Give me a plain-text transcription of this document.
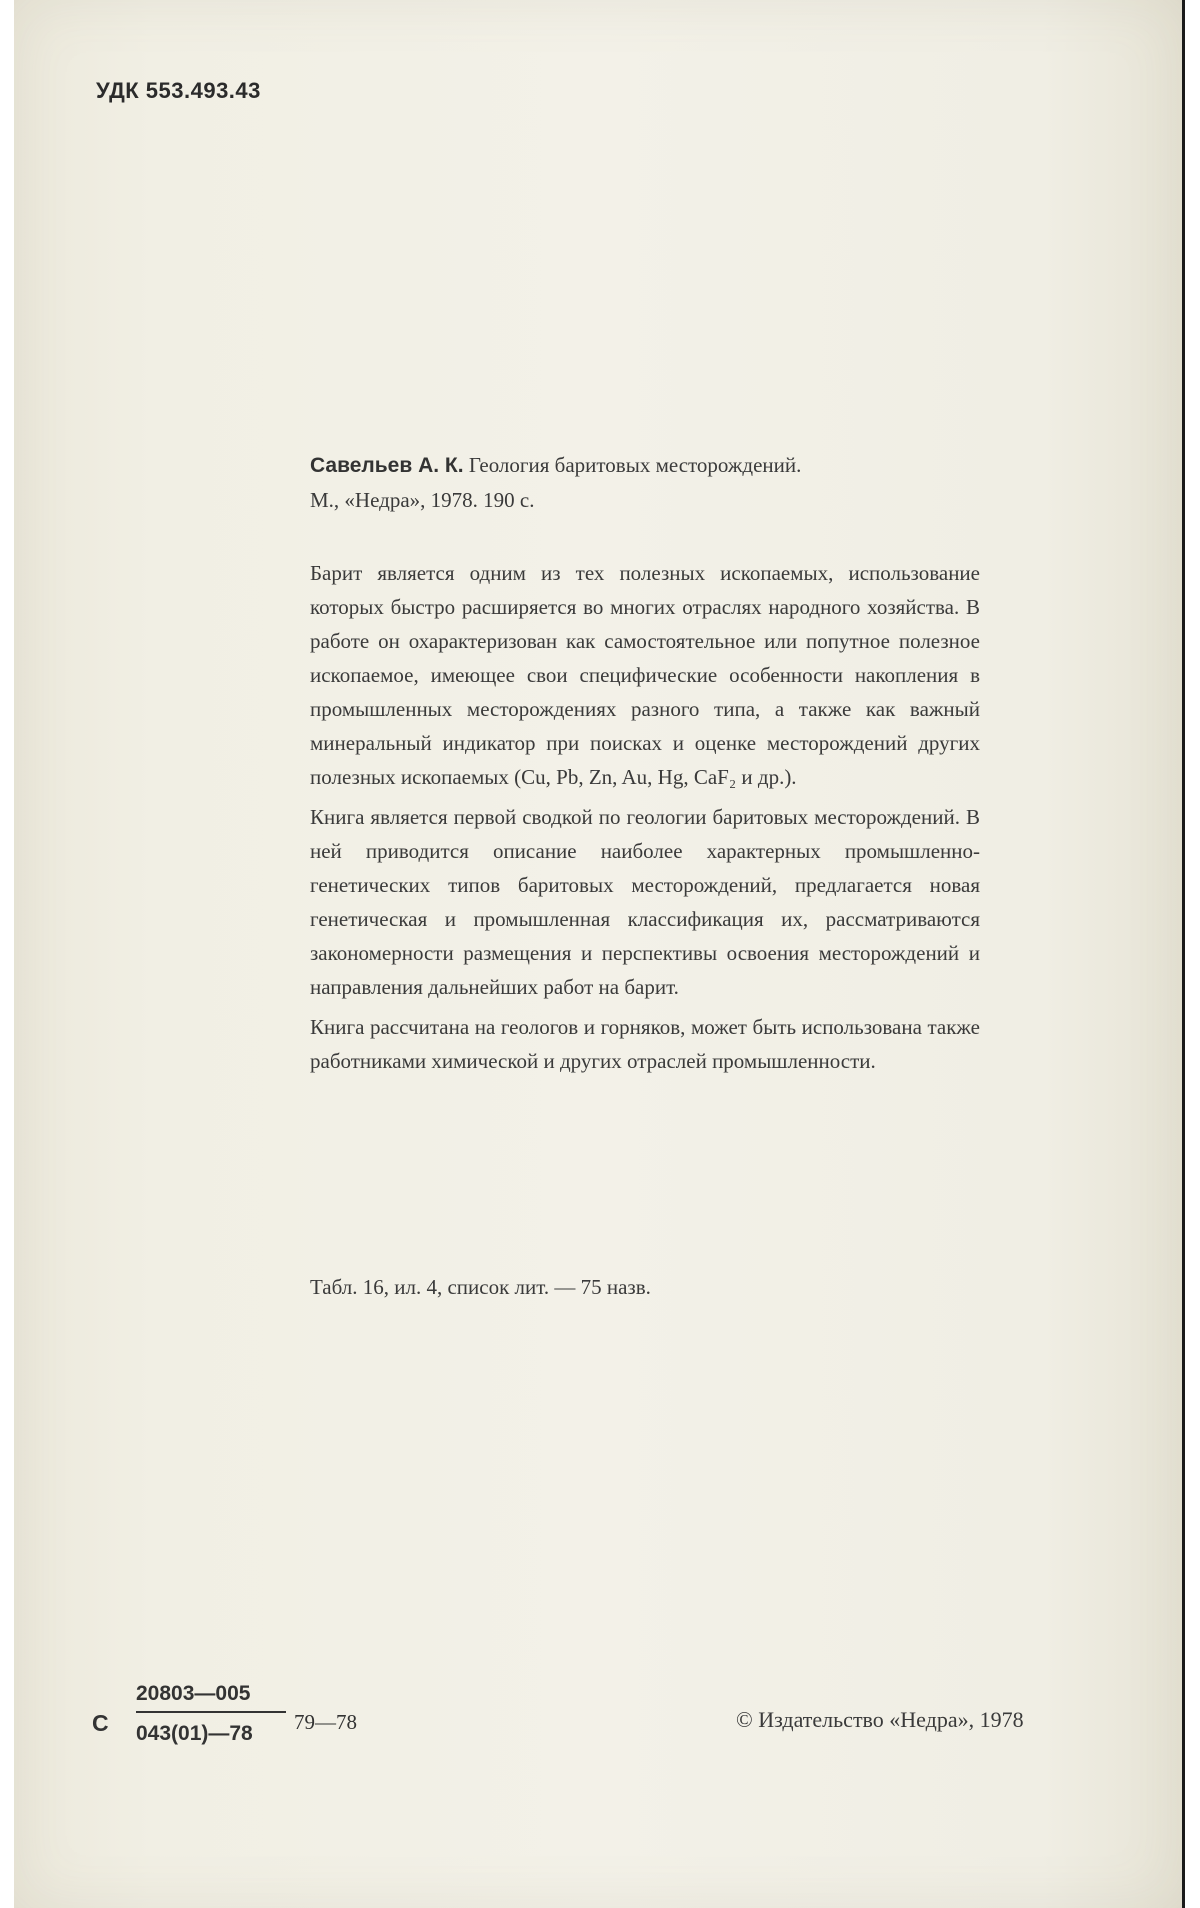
УДК 553.493.43
Савельев А. К. Геология баритовых месторождений.
М., «Недра», 1978. 190 с.

Барит является одним из тех полезных ископаемых, использование которых быстро расширяется во многих отраслях народного хозяйства. В работе он охарактеризован как самостоятельное или попутное полезное ископаемое, имеющее свои специфические особенности накопления в промышленных месторождениях разного типа, а также как важный минеральный индикатор при поисках и оценке месторождений других полезных ископаемых (Cu, Pb, Zn, Au, Hg, CaF₂ и др.).

Книга является первой сводкой по геологии баритовых месторождений. В ней приводится описание наиболее характерных промышленно-генетических типов баритовых месторождений, предлагается новая генетическая и промышленная классификация их, рассматриваются закономерности размещения и перспективы освоения месторождений и направления дальнейших работ на барит.

Книга рассчитана на геологов и горняков, может быть использована также работниками химической и других отраслей промышленности.

Табл. 16, ил. 4, список лит. — 75 назв.
С
20803—005
043(01)—78 79—78	© Издательство «Недра», 1978
